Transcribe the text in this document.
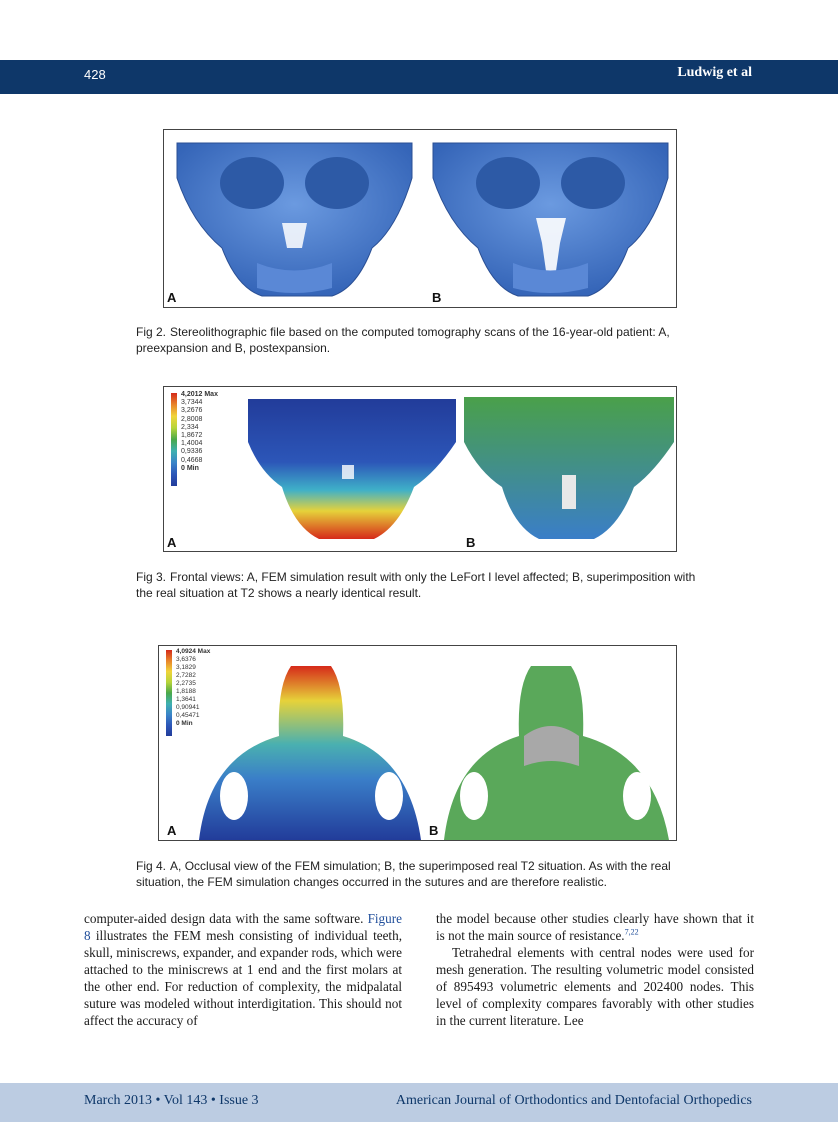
428	Ludwig et al
A	B
Fig 2. Stereolithographic file based on the computed tomography scans of the 16-year-old patient: A, preexpansion and B, postexpansion.
4,2012 Max
3,7344
3,2676
2,8008
2,334
1,8672
1,4004
0,9336
0,4668
0 Min
A	B
Fig 3. Frontal views: A, FEM simulation result with only the LeFort I level affected; B, superimposition with the real situation at T2 shows a nearly identical result.
4,0924 Max
3,6376
3,1829
2,7282
2,2735
1,8188
1,3641
0,90941
0,45471
0 Min
A	B
Fig 4. A, Occlusal view of the FEM simulation; B, the superimposed real T2 situation. As with the real situation, the FEM simulation changes occurred in the sutures and are therefore realistic.

computer-aided design data with the same software. Figure 8 illustrates the FEM mesh consisting of individual teeth, skull, miniscrews, expander, and expander rods, which were attached to the miniscrews at 1 end and the first molars at the other end. For reduction of complexity, the midpalatal suture was modeled without interdigitation. This should not affect the accuracy of

the model because other studies clearly have shown that it is not the main source of resistance.$^{7,22}$

Tetrahedral elements with central nodes were used for mesh generation. The resulting volumetric model consisted of 895493 volumetric elements and 202400 nodes. This level of complexity compares favorably with other studies in the current literature. Lee

March 2013 • Vol 143 • Issue 3	American Journal of Orthodontics and Dentofacial Orthopedics
